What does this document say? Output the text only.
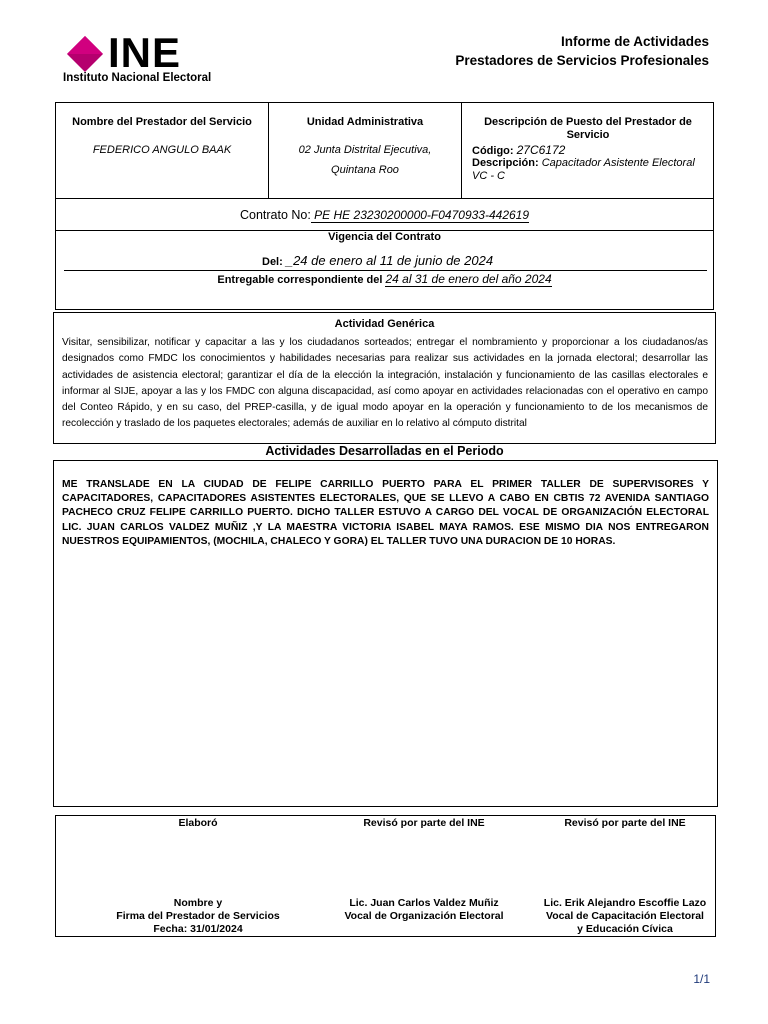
INE
Instituto Nacional Electoral
Informe de Actividades
Prestadores de Servicios Profesionales
Nombre del Prestador del Servicio
FEDERICO ANGULO BAAK
Unidad Administrativa
02 Junta Distrital Ejecutiva,
Quintana Roo
Descripción de Puesto del Prestador de Servicio
Código: 27C6172
Descripción: Capacitador Asistente Electoral VC - C
Contrato No: PE HE 23230200000-F0470933-442619
Vigencia del Contrato
Del: _24 de enero al 11 de junio de 2024
Entregable correspondiente del 24 al 31 de enero del año 2024
Actividad Genérica
Visitar, sensibilizar, notificar y capacitar a las y los ciudadanos sorteados; entregar el nombramiento y proporcionar a los ciudadanos/as designados como FMDC los conocimientos y habilidades necesarias para realizar sus actividades en la jornada electoral; desarrollar las actividades de asistencia electoral; garantizar el día de la elección la integración, instalación y funcionamiento de las casillas electorales e informar al SIJE, apoyar a las y los FMDC con alguna discapacidad, así como apoyar en actividades relacionadas con el operativo en campo del Conteo Rápido, y en su caso, del PREP-casilla, y de igual modo apoyar en la operación y funcionamiento to de los mecanismos de recolección y traslado de los paquetes electorales; además de auxiliar en lo relativo al cómputo distrital
Actividades Desarrolladas en el Periodo
ME TRANSLADE EN LA CIUDAD DE FELIPE CARRILLO PUERTO PARA EL PRIMER TALLER DE SUPERVISORES Y CAPACITADORES, CAPACITADORES ASISTENTES ELECTORALES, QUE SE LLEVO A CABO EN CBTIS 72 AVENIDA SANTIAGO PACHECO CRUZ FELIPE CARRILLO PUERTO. DICHO TALLER ESTUVO A CARGO DEL VOCAL DE ORGANIZACIÓN ELECTORAL LIC. JUAN CARLOS VALDEZ MUÑIZ ,Y LA MAESTRA VICTORIA ISABEL MAYA RAMOS. ESE MISMO DIA NOS ENTREGARON NUESTROS EQUIPAMIENTOS, (MOCHILA, CHALECO Y GORA) EL TALLER TUVO UNA DURACION DE 10 HORAS.
Elaboró	Revisó por parte del INE	Revisó por parte del INE
Nombre y
Firma del Prestador de Servicios
Fecha: 31/01/2024
Lic. Juan Carlos Valdez Muñiz
Vocal de Organización Electoral
Lic. Erik Alejandro Escoffie Lazo
Vocal de Capacitación Electoral
y Educación Cívica
1/1
